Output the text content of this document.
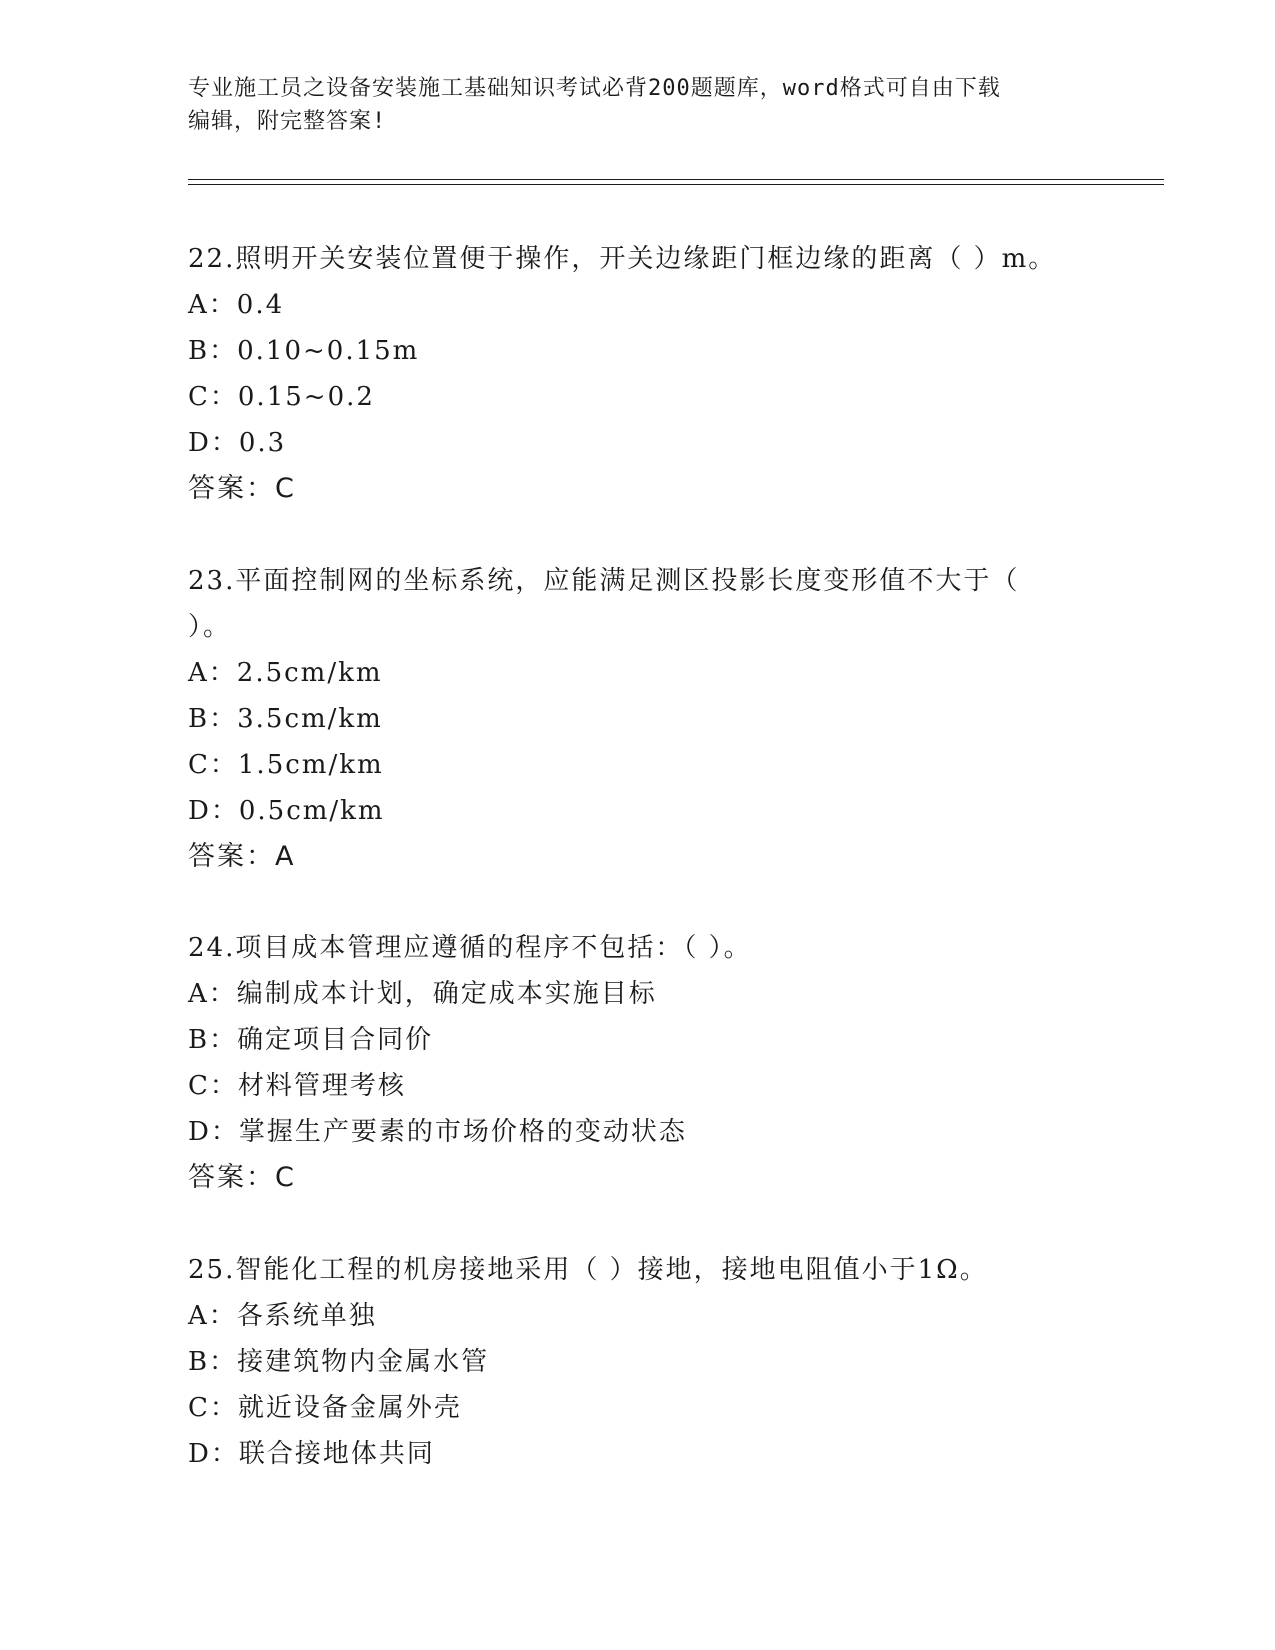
专业施工员之设备安装施工基础知识考试必背200题题库，word格式可自由下载
编辑，附完整答案!
22.照明开关安装位置便于操作，开关边缘距门框边缘的距离（ ）m。
A：0.4
B：0.10~0.15m
C：0.15~0.2
D：0.3
答案：C
23.平面控制网的坐标系统，应能满足测区投影长度变形值不大于（ ）。
A：2.5cm/km
B：3.5cm/km
C：1.5cm/km
D：0.5cm/km
答案：A
24.项目成本管理应遵循的程序不包括：（ ）。
A：编制成本计划，确定成本实施目标
B：确定项目合同价
C：材料管理考核
D：掌握生产要素的市场价格的变动状态
答案：C
25.智能化工程的机房接地采用（ ）接地，接地电阻值小于1Ω。
A：各系统单独
B：接建筑物内金属水管
C：就近设备金属外壳
D：联合接地体共同
